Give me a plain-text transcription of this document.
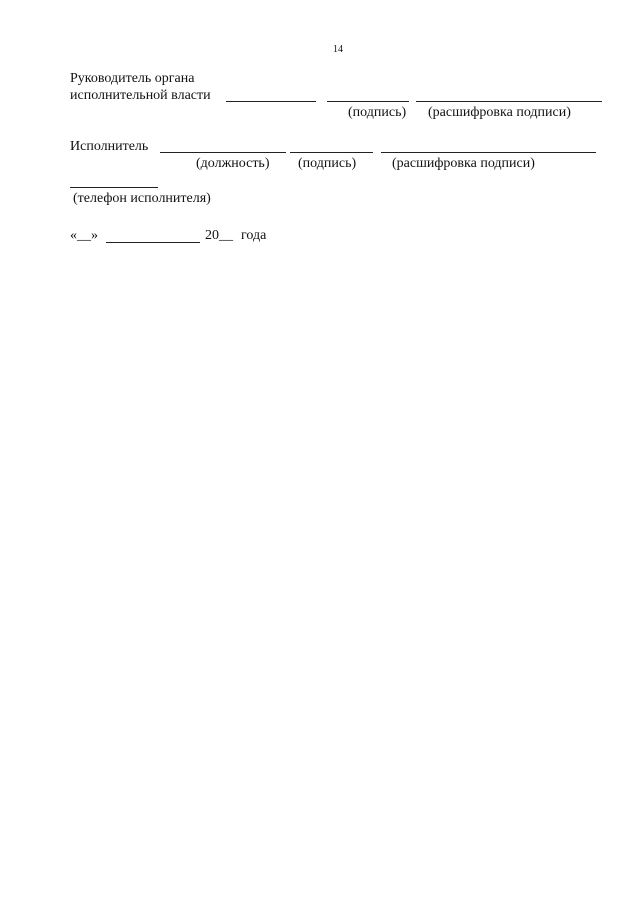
14
Руководитель органа
исполнительной власти
(подпись) (расшифровка подписи)
Исполнитель
(должность) (подпись)	(расшифровка подписи)
(телефон исполнителя)
«__»	20__ года
